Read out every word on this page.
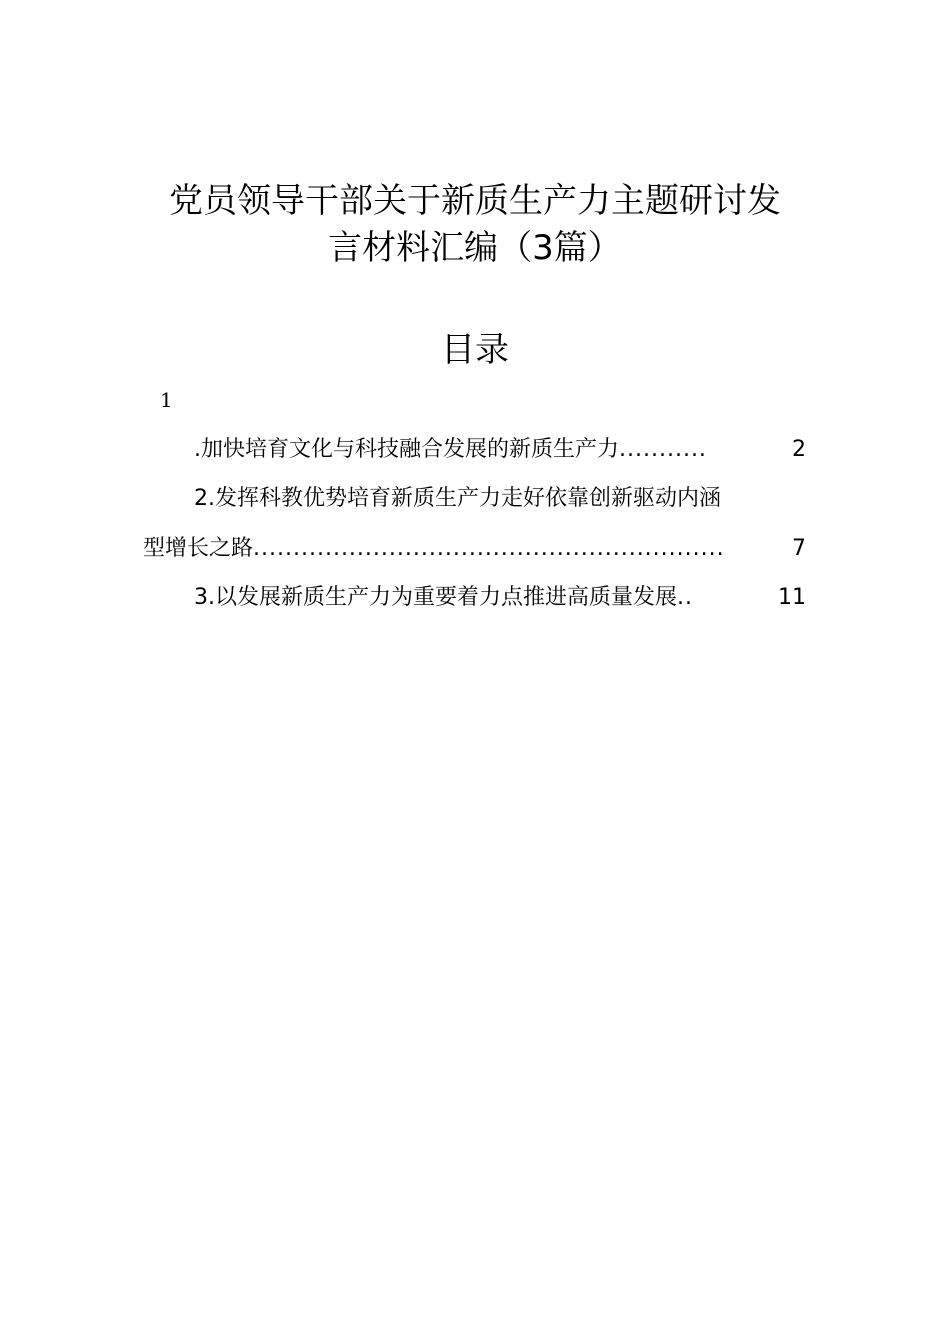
党员领导干部关于新质生产力主题研讨发
言材料汇编（3篇）
目录
1
.加快培育文化与科技融合发展的新质生产力 ...........	2
2.发挥科教优势培育新质生产力走好依靠创新驱动内涵
型增长之路 ...........................................................	7
3.以发展新质生产力为重要着力点推进高质量发展 ..	11
